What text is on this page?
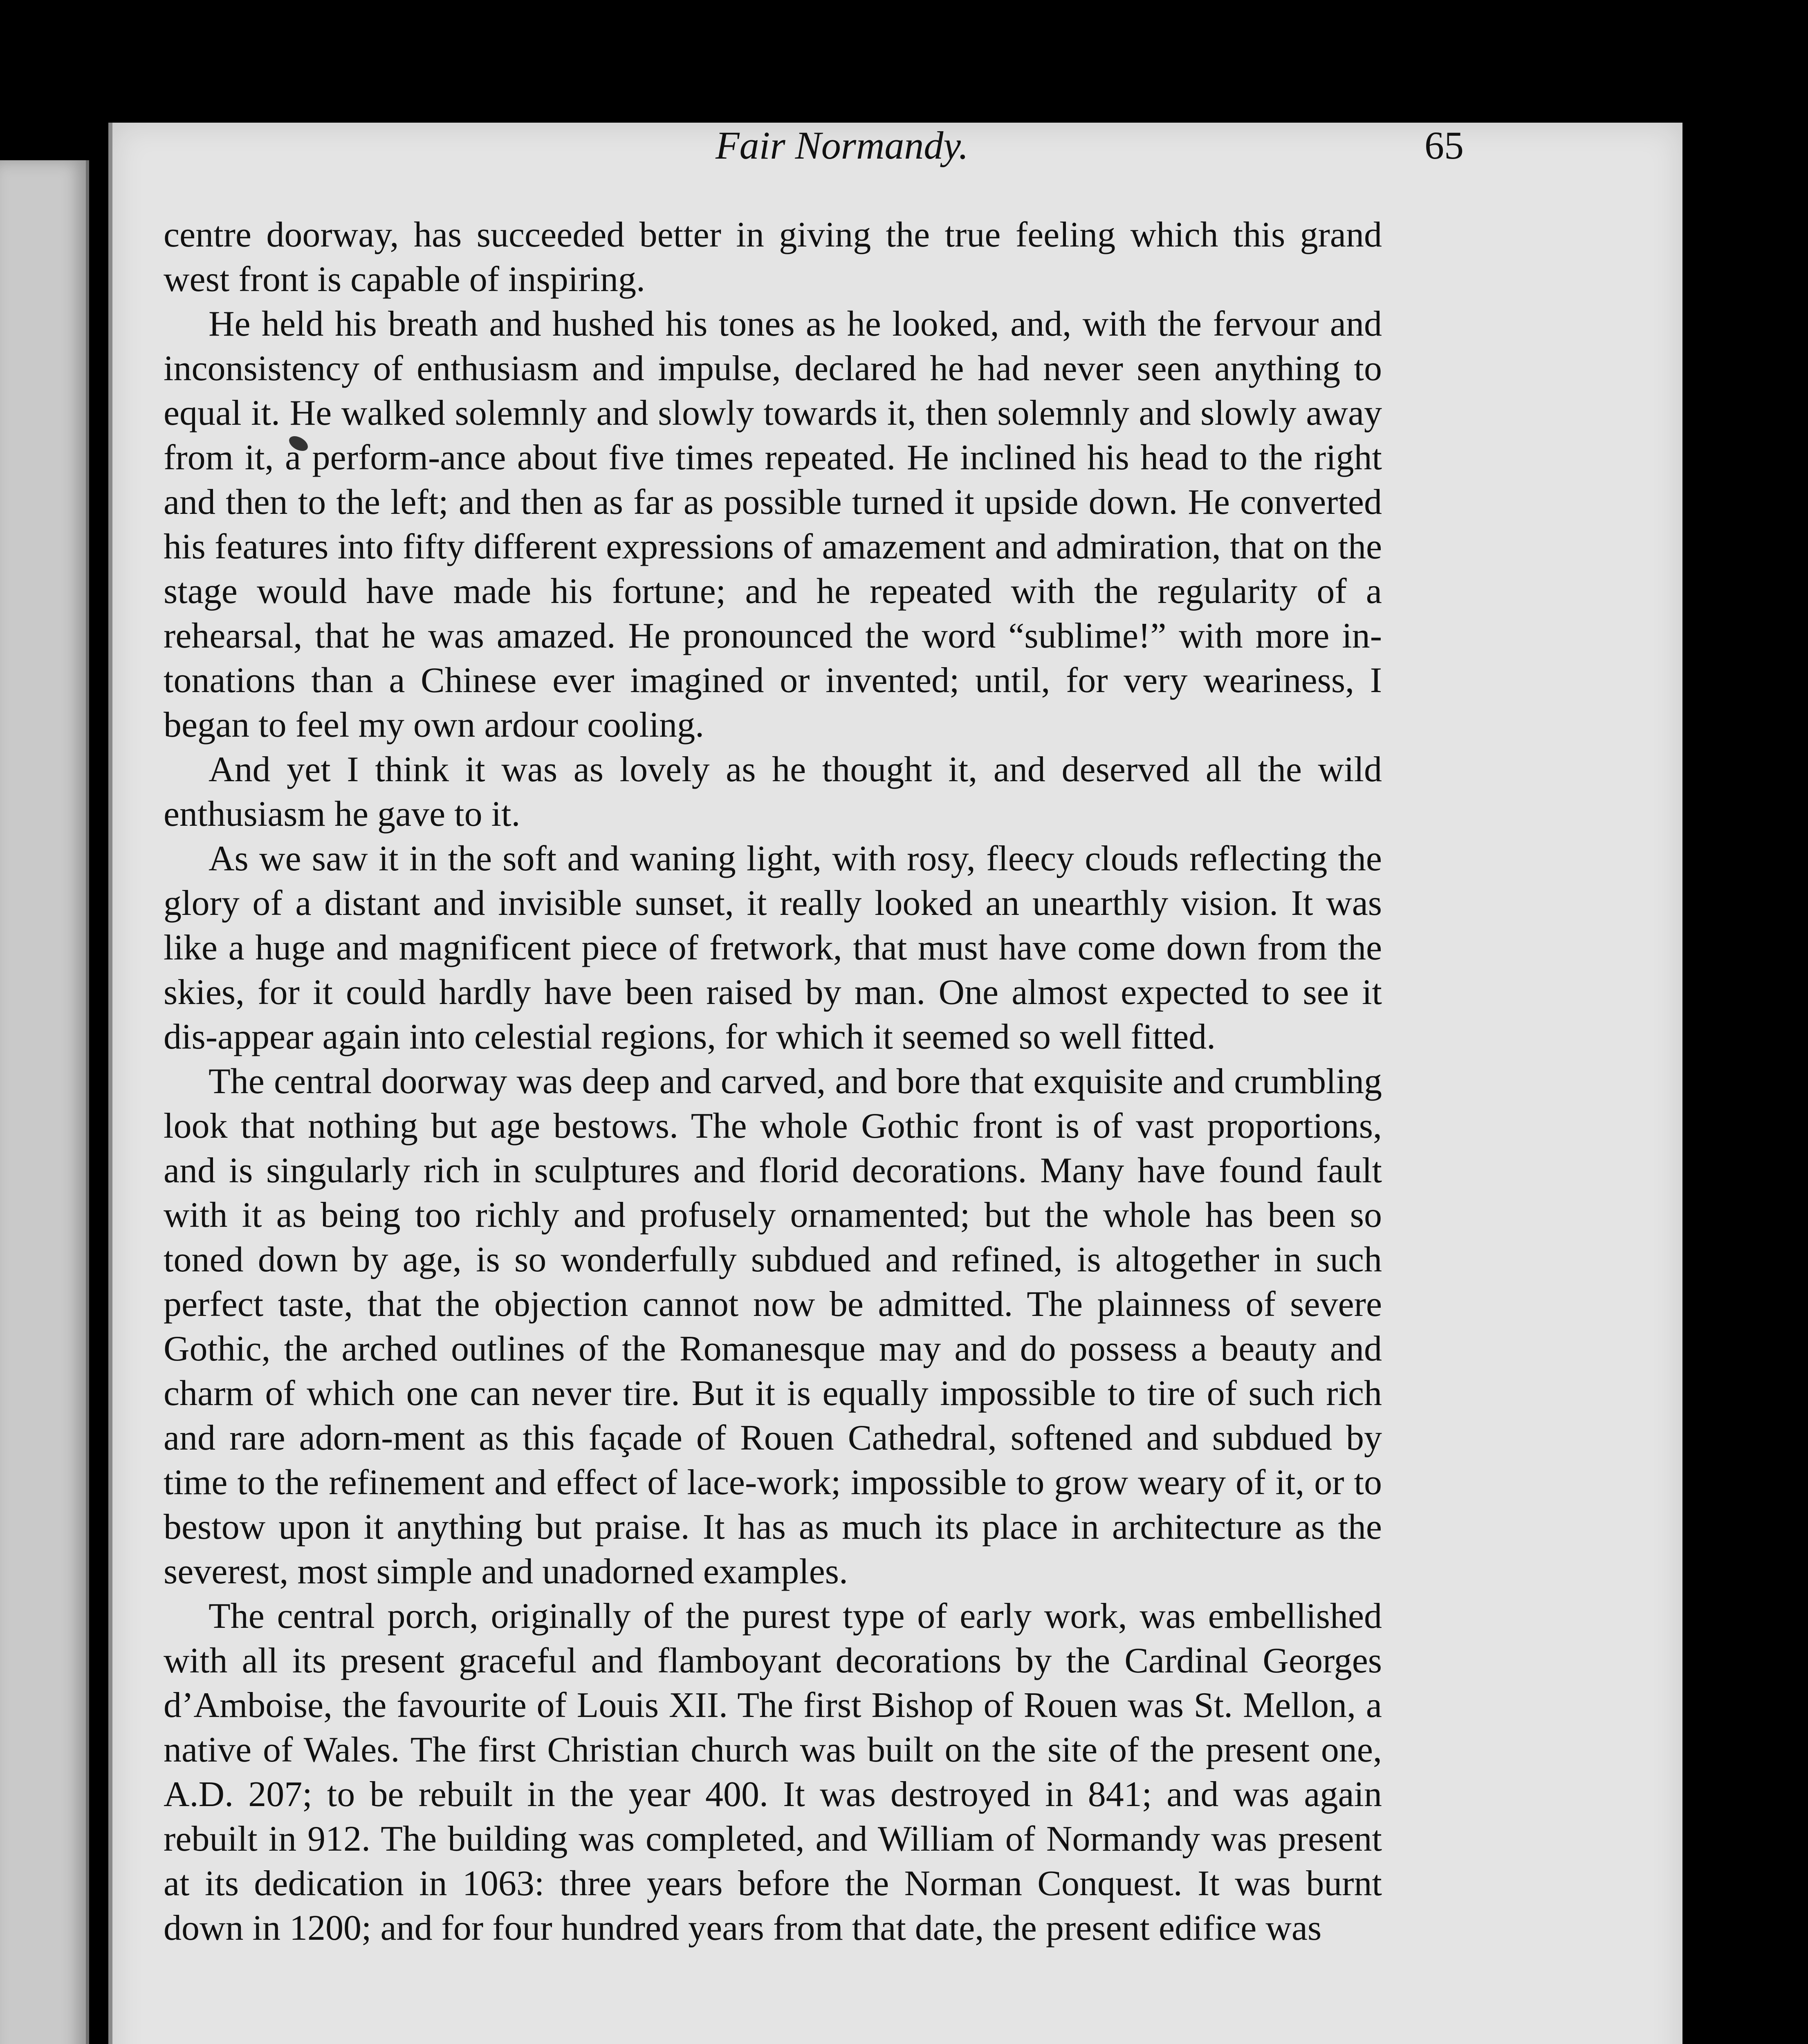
Fair Normandy.	65

centre doorway, has succeeded better in giving the true feeling which this grand west front is capable of inspiring.

He held his breath and hushed his tones as he looked, and, with the fervour and inconsistency of enthusiasm and impulse, declared he had never seen anything to equal it. He walked solemnly and slowly towards it, then solemnly and slowly away from it, a perform-ance about five times repeated. He inclined his head to the right and then to the left; and then as far as possible turned it upside down. He converted his features into fifty different expressions of amazement and admiration, that on the stage would have made his fortune; and he repeated with the regularity of a rehearsal, that he was amazed. He pronounced the word “sublime!” with more in-tonations than a Chinese ever imagined or invented; until, for very weariness, I began to feel my own ardour cooling.

And yet I think it was as lovely as he thought it, and deserved all the wild enthusiasm he gave to it.

As we saw it in the soft and waning light, with rosy, fleecy clouds reflecting the glory of a distant and invisible sunset, it really looked an unearthly vision. It was like a huge and magnificent piece of fretwork, that must have come down from the skies, for it could hardly have been raised by man. One almost expected to see it dis-appear again into celestial regions, for which it seemed so well fitted.

The central doorway was deep and carved, and bore that exquisite and crumbling look that nothing but age bestows. The whole Gothic front is of vast proportions, and is singularly rich in sculptures and florid decorations. Many have found fault with it as being too richly and profusely ornamented; but the whole has been so toned down by age, is so wonderfully subdued and refined, is altogether in such perfect taste, that the objection cannot now be admitted. The plainness of severe Gothic, the arched outlines of the Romanesque may and do possess a beauty and charm of which one can never tire. But it is equally impossible to tire of such rich and rare adorn-ment as this façade of Rouen Cathedral, softened and subdued by time to the refinement and effect of lace-work; impossible to grow weary of it, or to bestow upon it anything but praise. It has as much its place in architecture as the severest, most simple and unadorned examples.

The central porch, originally of the purest type of early work, was embellished with all its present graceful and flamboyant decorations by the Cardinal Georges d’Amboise, the favourite of Louis XII. The first Bishop of Rouen was St. Mellon, a native of Wales. The first Christian church was built on the site of the present one, A.D. 207; to be rebuilt in the year 400. It was destroyed in 841; and was again rebuilt in 912. The building was completed, and William of Normandy was present at its dedication in 1063: three years before the Norman Conquest. It was burnt down in 1200; and for four hundred years from that date, the present edifice was
